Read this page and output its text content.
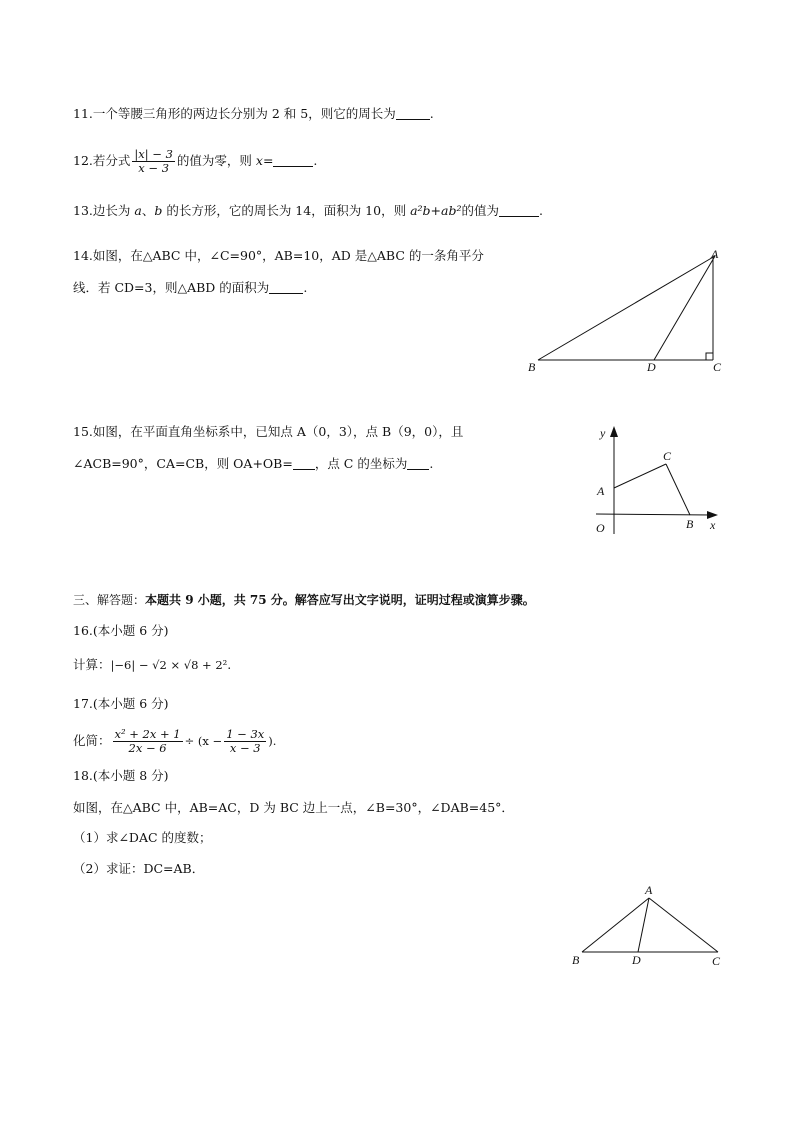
11.一个等腰三角形的两边长分别为 2 和 5，则它的周长为	.
12.若分式 $\frac{|x| - 3}{x - 3}$ 的值为零，则 x=	.
13.边长为 a、b 的长方形，它的周长为 14，面积为 10，则 a²b+ab²的值为	.
14.如图，在△ABC 中，∠C=90°，AB=10，AD 是△ABC 的一条角平分
线．若 CD=3，则△ABD 的面积为	.
A
B	C
D
15.如图，在平面直角坐标系中，已知点 A（0，3），点 B（9，0），且
∠ACB=90°，CA=CB，则 OA+OB= ，点 C 的坐标为 .
y
x
O
A
B
C
三、解答题：本题共 9 小题，共 75 分。解答应写出文字说明，证明过程或演算步骤。
16.(本小题 6 分)
计算：|−6| − √2 × √8 + 2².
17.(本小题 6 分)
化简： $\frac{\text{x² + 2x + 1}}{2x - 6} \div (x - \frac{1 - 3x}{x - 3}$ ).
18.(本小题 8 分)
如图，在△ABC 中，AB=AC，D 为 BC 边上一点，∠B=30°，∠DAB=45°．
（1）求∠DAC 的度数；
（2）求证：DC=AB．
A
B	C
D
